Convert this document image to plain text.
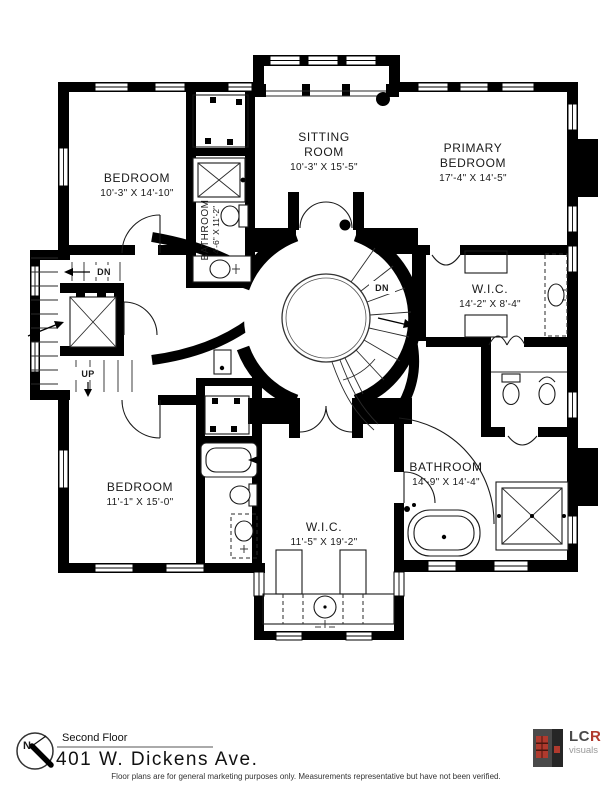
DN
DN
UP
BEDROOM
10'-3" X 14'-10"
SITTING
ROOM
10'-3" X 15'-5"
PRIMARY
BEDROOM
17'-4" X 14'-5"
BATHROOM 4'-6" X 11'-2"
W.I.C.
14'-2" X 8'-4"
BEDROOM
11'-1" X 15'-0"
W.I.C.
11'-5" X 19'-2"
BATHROOM
14'-9" X 14'-4"
N
Second Floor
401 W. Dickens Ave.
Floor plans are for general marketing purposes only. Measurements representative but have not been verified.
LCR
visuals
